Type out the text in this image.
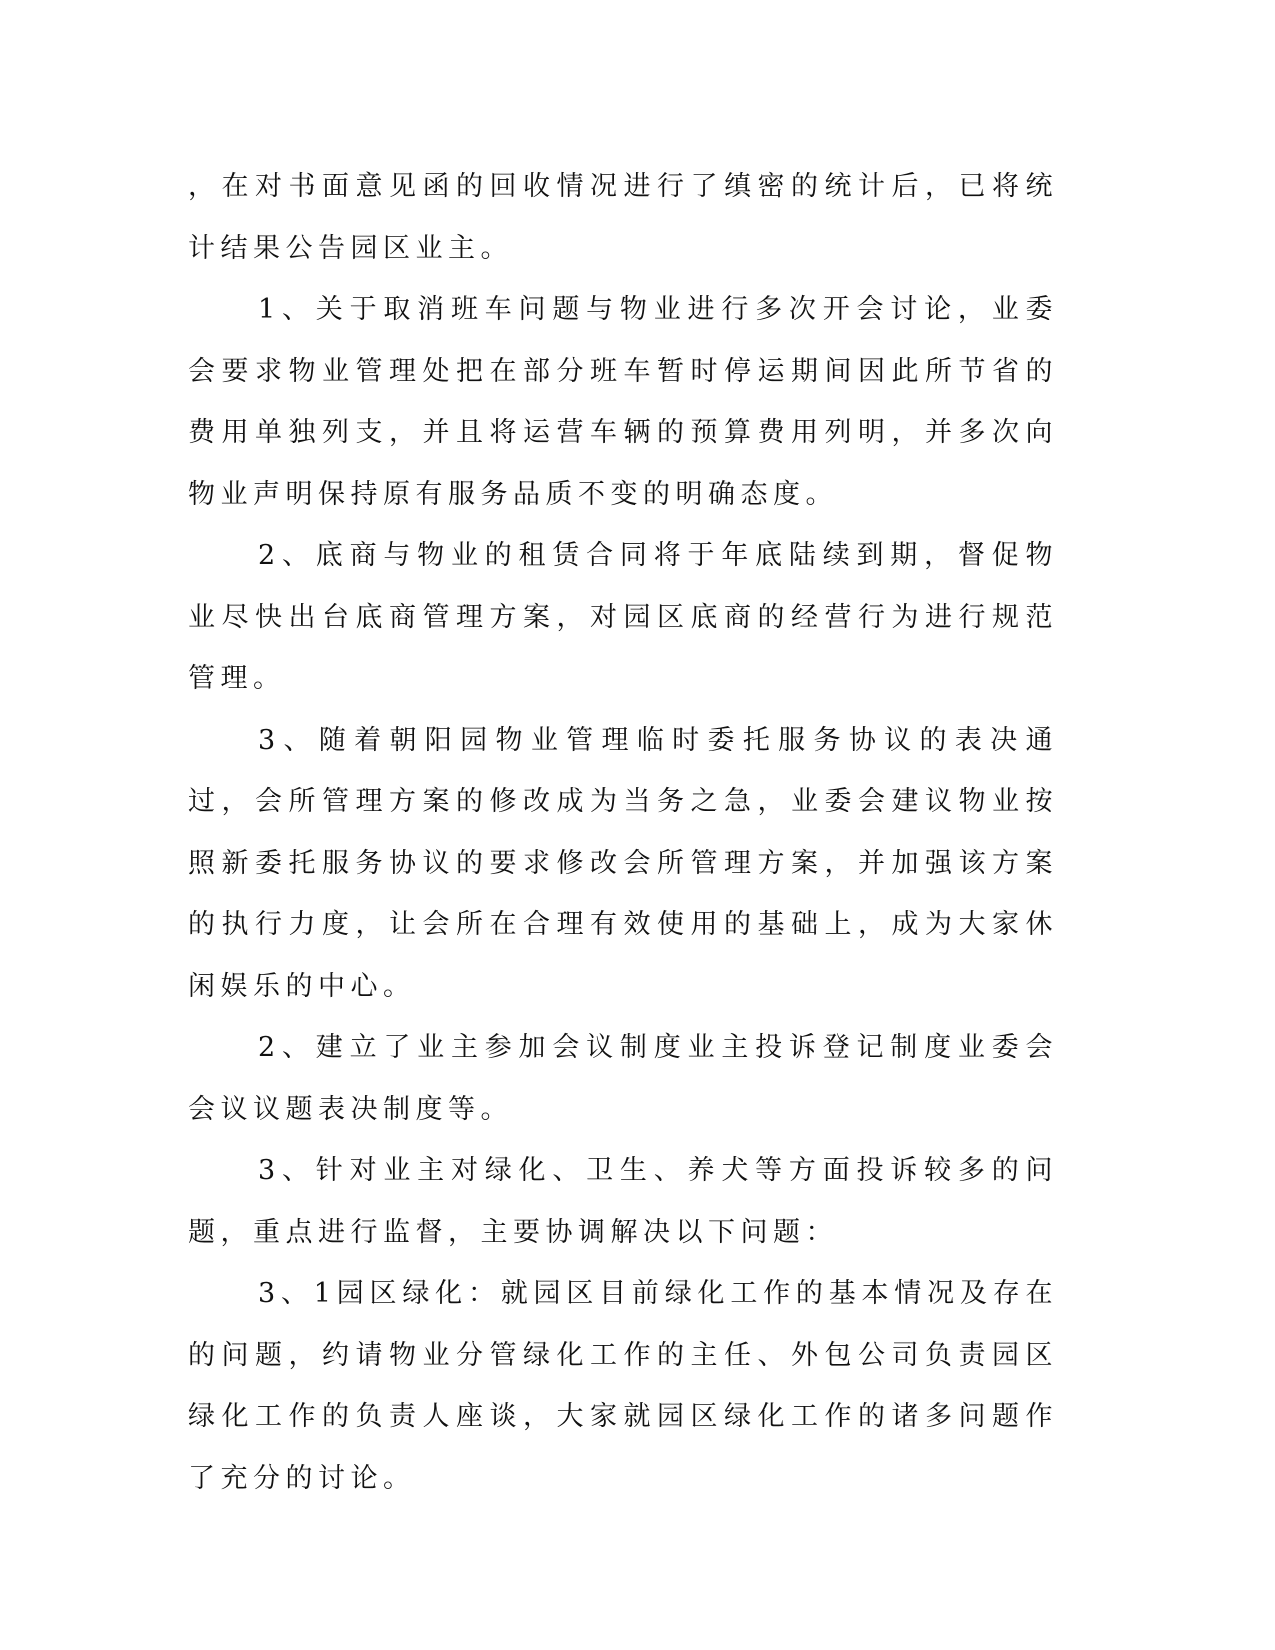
，在对书面意见函的回收情况进行了缜密的统计后，已将统计结果公告园区业主。

1、关于取消班车问题与物业进行多次开会讨论，业委会要求物业管理处把在部分班车暂时停运期间因此所节省的费用单独列支，并且将运营车辆的预算费用列明，并多次向物业声明保持原有服务品质不变的明确态度。

2、底商与物业的租赁合同将于年底陆续到期，督促物业尽快出台底商管理方案，对园区底商的经营行为进行规范管理。

3、随着朝阳园物业管理临时委托服务协议的表决通过，会所管理方案的修改成为当务之急，业委会建议物业按照新委托服务协议的要求修改会所管理方案，并加强该方案的执行力度，让会所在合理有效使用的基础上，成为大家休闲娱乐的中心。

2、建立了业主参加会议制度业主投诉登记制度业委会会议议题表决制度等。

3、针对业主对绿化、卫生、养犬等方面投诉较多的问题，重点进行监督，主要协调解决以下问题：

3、1园区绿化：就园区目前绿化工作的基本情况及存在的问题，约请物业分管绿化工作的主任、外包公司负责园区绿化工作的负责人座谈，大家就园区绿化工作的诸多问题作了充分的讨论。
